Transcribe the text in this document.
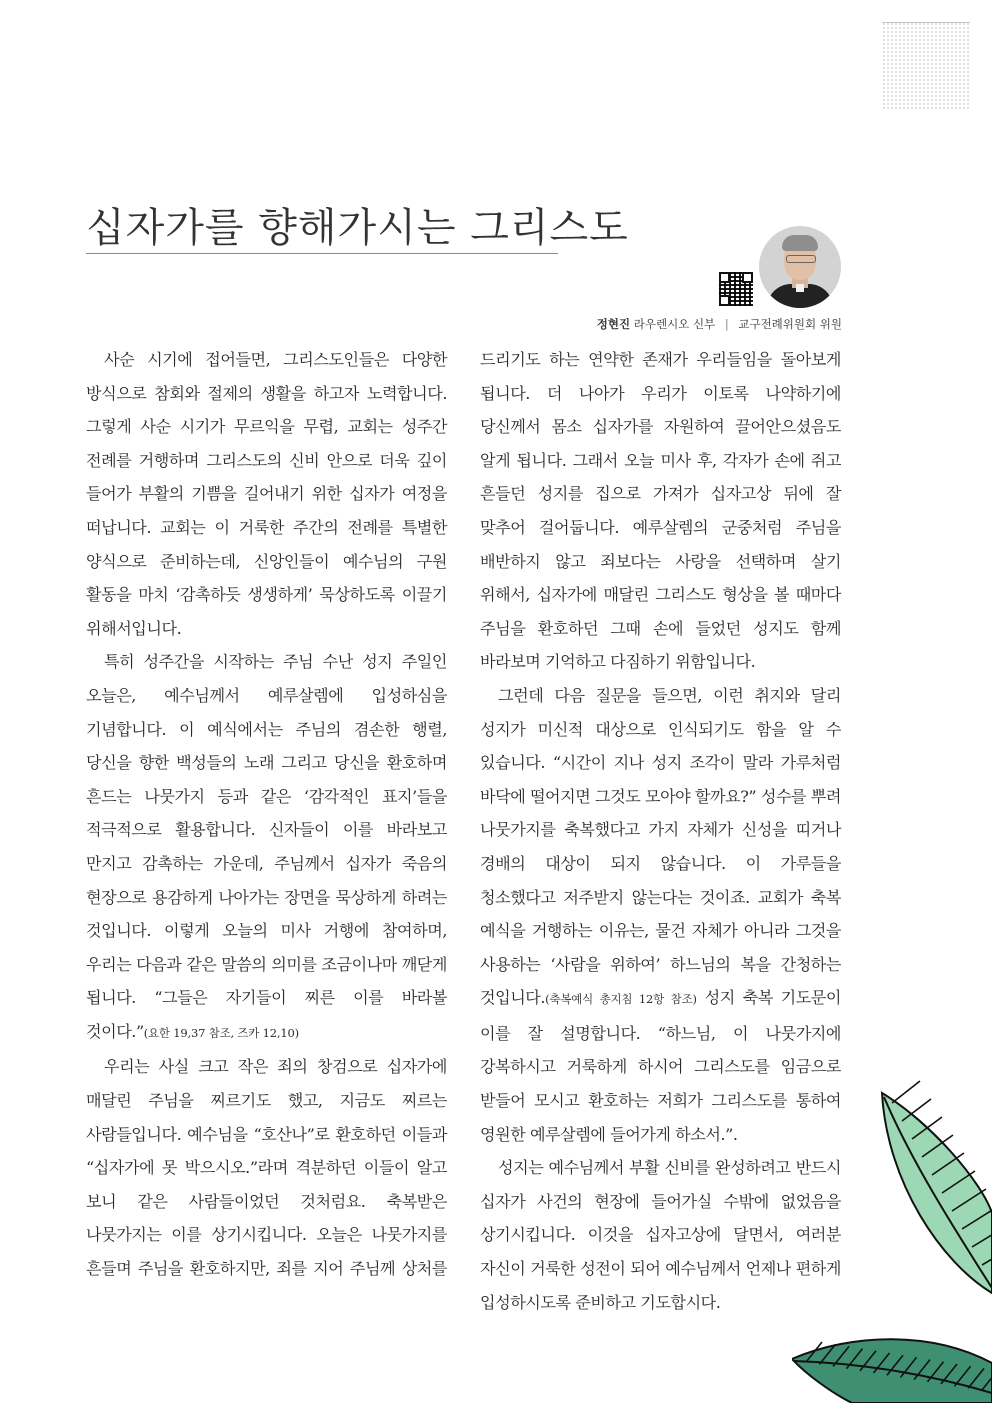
십자가를 향해가시는 그리스도
정현진 라우렌시오 신부 | 교구전례위원회 위원

사순 시기에 접어들면, 그리스도인들은 다양한 방식으로 참회와 절제의 생활을 하고자 노력합니다. 그렇게 사순 시기가 무르익을 무렵, 교회는 성주간 전례를 거행하며 그리스도의 신비 안으로 더욱 깊이 들어가 부활의 기쁨을 길어내기 위한 십자가 여정을 떠납니다. 교회는 이 거룩한 주간의 전례를 특별한 양식으로 준비하는데, 신앙인들이 예수님의 구원 활동을 마치 ‘감촉하듯 생생하게’ 묵상하도록 이끌기 위해서입니다.

특히 성주간을 시작하는 주님 수난 성지 주일인 오늘은, 예수님께서 예루살렘에 입성하심을 기념합니다. 이 예식에서는 주님의 겸손한 행렬, 당신을 향한 백성들의 노래 그리고 당신을 환호하며 흔드는 나뭇가지 등과 같은 ‘감각적인 표지’들을 적극적으로 활용합니다. 신자들이 이를 바라보고 만지고 감촉하는 가운데, 주님께서 십자가 죽음의 현장으로 용감하게 나아가는 장면을 묵상하게 하려는 것입니다. 이렇게 오늘의 미사 거행에 참여하며, 우리는 다음과 같은 말씀의 의미를 조금이나마 깨닫게 됩니다. “그들은 자기들이 찌른 이를 바라볼 것이다.”(요한 19,37 참조, 즈카 12,10)

우리는 사실 크고 작은 죄의 창검으로 십자가에 매달린 주님을 찌르기도 했고, 지금도 찌르는 사람들입니다. 예수님을 “호산나”로 환호하던 이들과 “십자가에 못 박으시오.”라며 격분하던 이들이 알고 보니 같은 사람들이었던 것처럼요. 축복받은 나뭇가지는 이를 상기시킵니다. 오늘은 나뭇가지를 흔들며 주님을 환호하지만, 죄를 지어 주님께 상처를

드리기도 하는 연약한 존재가 우리들임을 돌아보게 됩니다. 더 나아가 우리가 이토록 나약하기에 당신께서 몸소 십자가를 자원하여 끌어안으셨음도 알게 됩니다. 그래서 오늘 미사 후, 각자가 손에 쥐고 흔들던 성지를 집으로 가져가 십자고상 뒤에 잘 맞추어 걸어둡니다. 예루살렘의 군중처럼 주님을 배반하지 않고 죄보다는 사랑을 선택하며 살기 위해서, 십자가에 매달린 그리스도 형상을 볼 때마다 주님을 환호하던 그때 손에 들었던 성지도 함께 바라보며 기억하고 다짐하기 위함입니다.

그런데 다음 질문을 들으면, 이런 취지와 달리 성지가 미신적 대상으로 인식되기도 함을 알 수 있습니다. “시간이 지나 성지 조각이 말라 가루처럼 바닥에 떨어지면 그것도 모아야 할까요?” 성수를 뿌려 나뭇가지를 축복했다고 가지 자체가 신성을 띠거나 경배의 대상이 되지 않습니다. 이 가루들을 청소했다고 저주받지 않는다는 것이죠. 교회가 축복 예식을 거행하는 이유는, 물건 자체가 아니라 그것을 사용하는 ‘사람을 위하여’ 하느님의 복을 간청하는 것입니다.(축복예식 총지침 12항 참조) 성지 축복 기도문이 이를 잘 설명합니다. “하느님, 이 나뭇가지에 강복하시고 거룩하게 하시어 그리스도를 임금으로 받들어 모시고 환호하는 저희가 그리스도를 통하여 영원한 예루살렘에 들어가게 하소서.”.

성지는 예수님께서 부활 신비를 완성하려고 반드시 십자가 사건의 현장에 들어가실 수밖에 없었음을 상기시킵니다. 이것을 십자고상에 달면서, 여러분 자신이 거룩한 성전이 되어 예수님께서 언제나 편하게 입성하시도록 준비하고 기도합시다.
